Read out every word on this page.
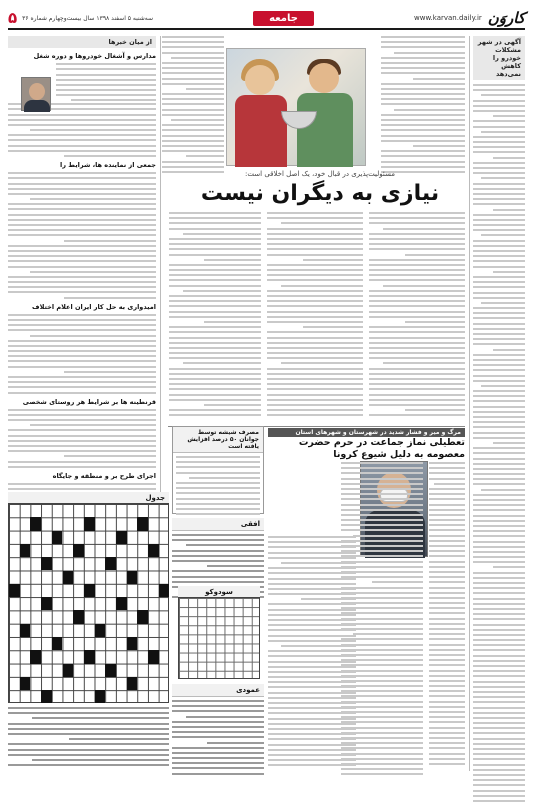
کاروَن
www.karvan.daily.ir
جامعه
سه‌شنبه ۵ اسفند ۱۳۹۸ سال بیست‌وچهارم شماره ۳۶
۵
آگهی در شهر مشکلات خودرو را کاهش نمی‌دهد
مسئولیت‌پذیری در قبال خود، یک اصل اخلاقی است:
نیازی به دیگران نیست
از میان خبرها
مدارس و آشغال خودروها و دوره شغل
جمعی از نماینده ها، شرایط را
امیدواری به حل کار ایران اعلام اختلاف
قرنطینه ها بر شرایط هر روستای شخصی
اجرای طرح بر و منطقه و جایگاه
مرگ و میر و فشار شدید در شهرستان و شهرهای استان
تعطیلی نماز جماعت در حرم حضرت معصومه به دلیل شیوع کرونا
مصرف شیشه توسط جوانان ۵۰ درصد افزایش یافته است
افقی
سودوکو
عمودی
جدول
